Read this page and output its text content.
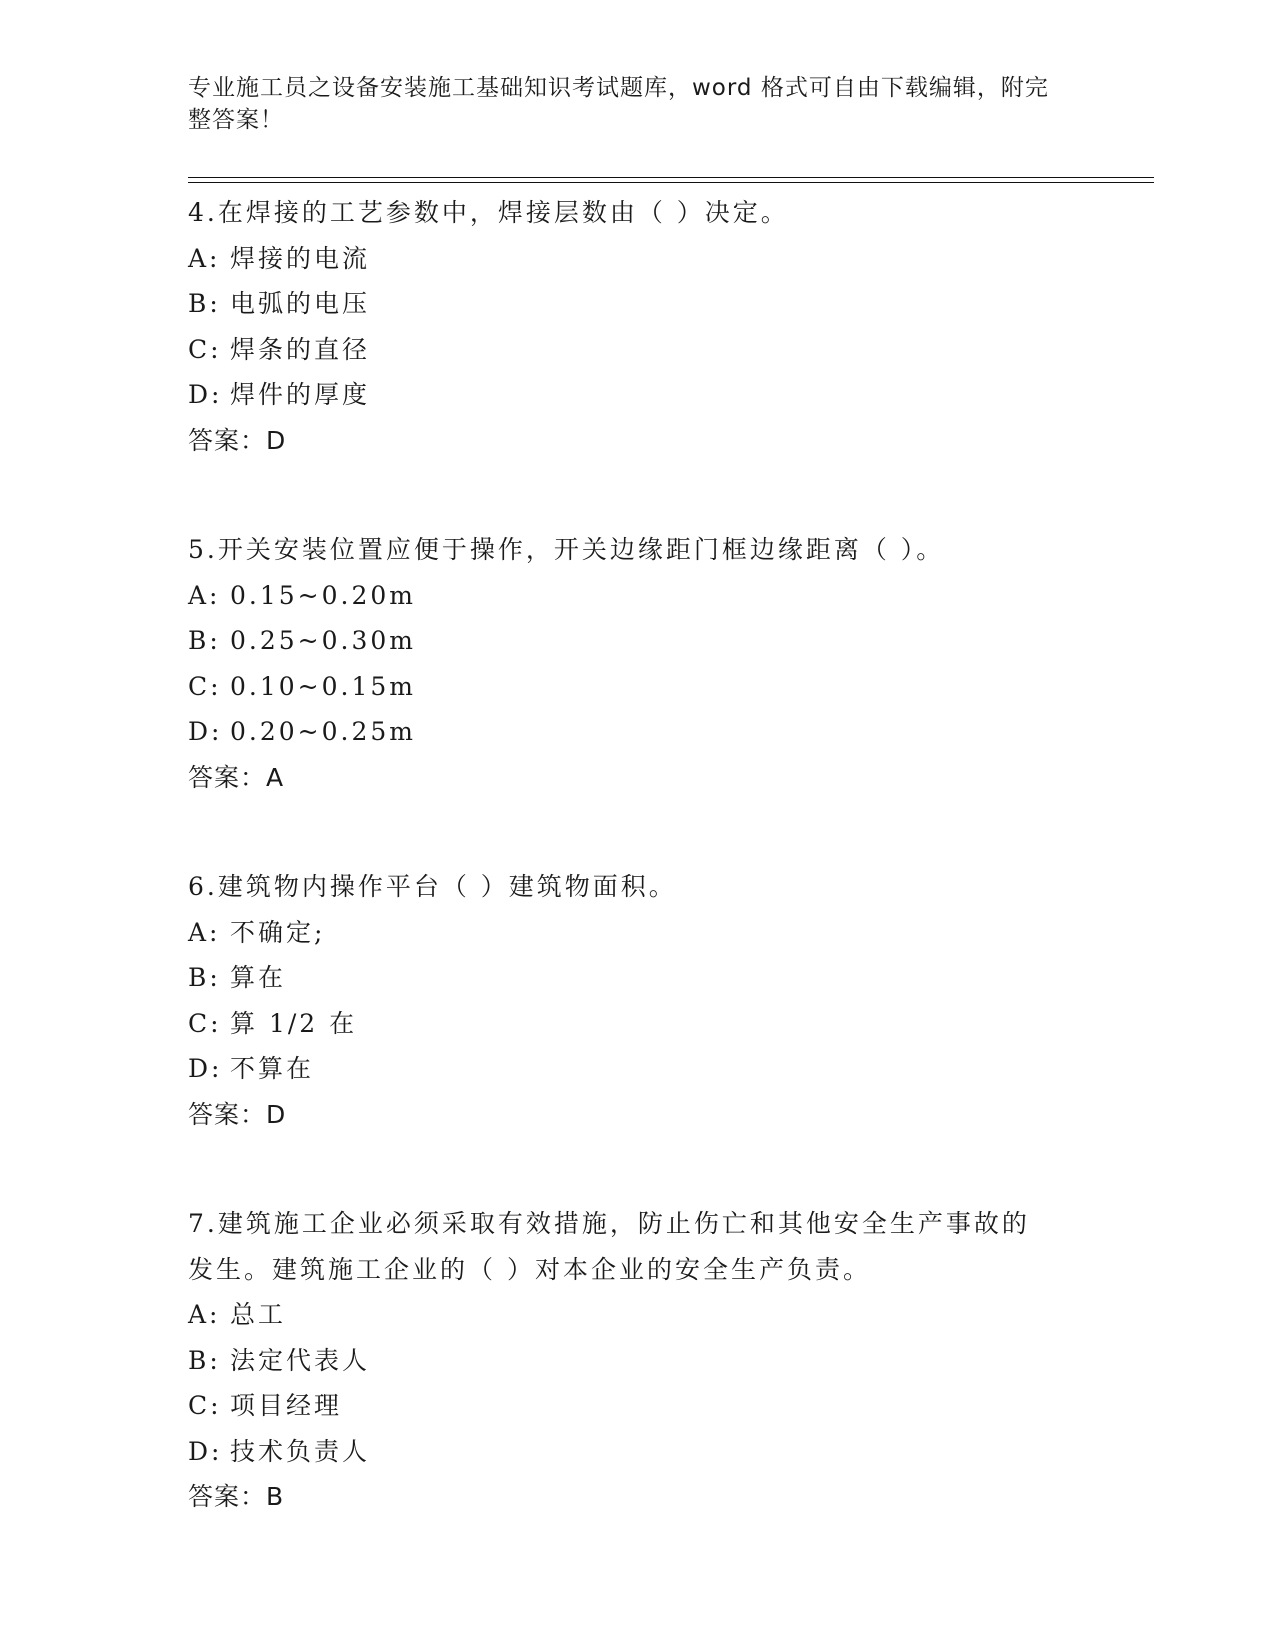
专业施工员之设备安装施工基础知识考试题库，word 格式可自由下载编辑，附完
整答案！
4.在焊接的工艺参数中，焊接层数由（ ）决定。
A: 焊接的电流
B: 电弧的电压
C: 焊条的直径
D: 焊件的厚度
答案：D
5.开关安装位置应便于操作，开关边缘距门框边缘距离（ ）。
A: 0.15~0.20m
B: 0.25~0.30m
C: 0.10~0.15m
D: 0.20~0.25m
答案：A
6.建筑物内操作平台（ ）建筑物面积。
A: 不确定;
B: 算在
C: 算 1/2 在
D: 不算在
答案：D
7.建筑施工企业必须采取有效措施，防止伤亡和其他安全生产事故的
发生。建筑施工企业的（ ）对本企业的安全生产负责。
A: 总工
B: 法定代表人
C: 项目经理
D: 技术负责人
答案：B
